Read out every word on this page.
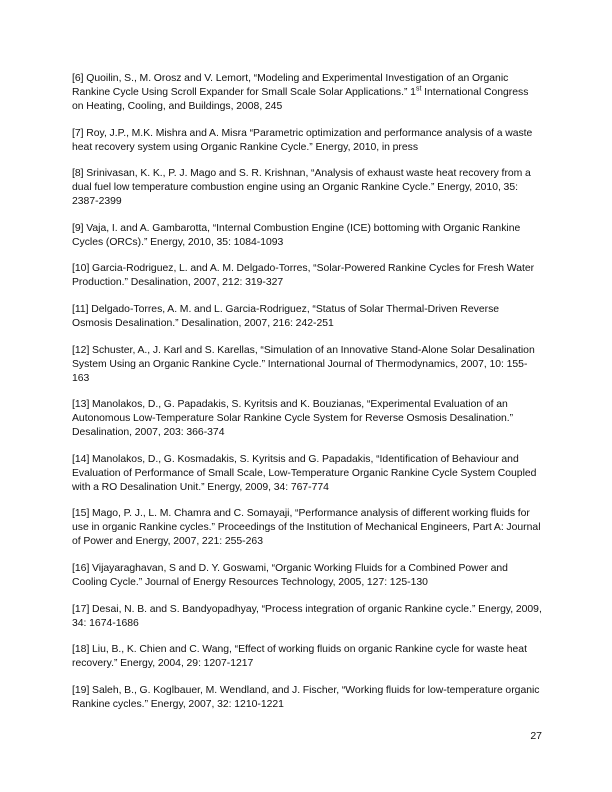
[6] Quoilin, S., M. Orosz and V. Lemort, “Modeling and Experimental Investigation of an Organic Rankine Cycle Using Scroll Expander for Small Scale Solar Applications.” 1st International Congress on Heating, Cooling, and Buildings, 2008, 245

[7] Roy, J.P., M.K. Mishra and A. Misra “Parametric optimization and performance analysis of a waste heat recovery system using Organic Rankine Cycle.” Energy, 2010, in press

[8] Srinivasan, K. K., P. J. Mago and S. R. Krishnan, “Analysis of exhaust waste heat recovery from a dual fuel low temperature combustion engine using an Organic Rankine Cycle.” Energy, 2010, 35: 2387-2399

[9] Vaja, I. and A. Gambarotta, “Internal Combustion Engine (ICE) bottoming with Organic Rankine Cycles (ORCs).” Energy, 2010, 35: 1084-1093

[10] Garcia-Rodriguez, L. and A. M. Delgado-Torres, “Solar-Powered Rankine Cycles for Fresh Water Production.” Desalination, 2007, 212: 319-327

[11] Delgado-Torres, A. M. and L. Garcia-Rodriguez, “Status of Solar Thermal-Driven Reverse Osmosis Desalination.” Desalination, 2007, 216: 242-251

[12] Schuster, A., J. Karl and S. Karellas, “Simulation of an Innovative Stand-Alone Solar Desalination System Using an Organic Rankine Cycle.” International Journal of Thermodynamics, 2007, 10: 155-163

[13] Manolakos, D., G. Papadakis, S. Kyritsis and K. Bouzianas, “Experimental Evaluation of an Autonomous Low-Temperature Solar Rankine Cycle System for Reverse Osmosis Desalination.” Desalination, 2007, 203: 366-374

[14] Manolakos, D., G. Kosmadakis, S. Kyritsis and G. Papadakis, “Identification of Behaviour and Evaluation of Performance of Small Scale, Low-Temperature Organic Rankine Cycle System Coupled with a RO Desalination Unit.” Energy, 2009, 34: 767-774

[15] Mago, P. J., L. M. Chamra and C. Somayaji, “Performance analysis of different working fluids for use in organic Rankine cycles.” Proceedings of the Institution of Mechanical Engineers, Part A: Journal of Power and Energy, 2007, 221: 255-263

[16] Vijayaraghavan, S and D. Y. Goswami, “Organic Working Fluids for a Combined Power and Cooling Cycle.” Journal of Energy Resources Technology, 2005, 127: 125-130

[17] Desai, N. B. and S. Bandyopadhyay, “Process integration of organic Rankine cycle.” Energy, 2009, 34: 1674-1686

[18] Liu, B., K. Chien and C. Wang, “Effect of working fluids on organic Rankine cycle for waste heat recovery.” Energy, 2004, 29: 1207-1217

[19] Saleh, B., G. Koglbauer, M. Wendland, and J. Fischer, “Working fluids for low-temperature organic Rankine cycles.” Energy, 2007, 32: 1210-1221

27
